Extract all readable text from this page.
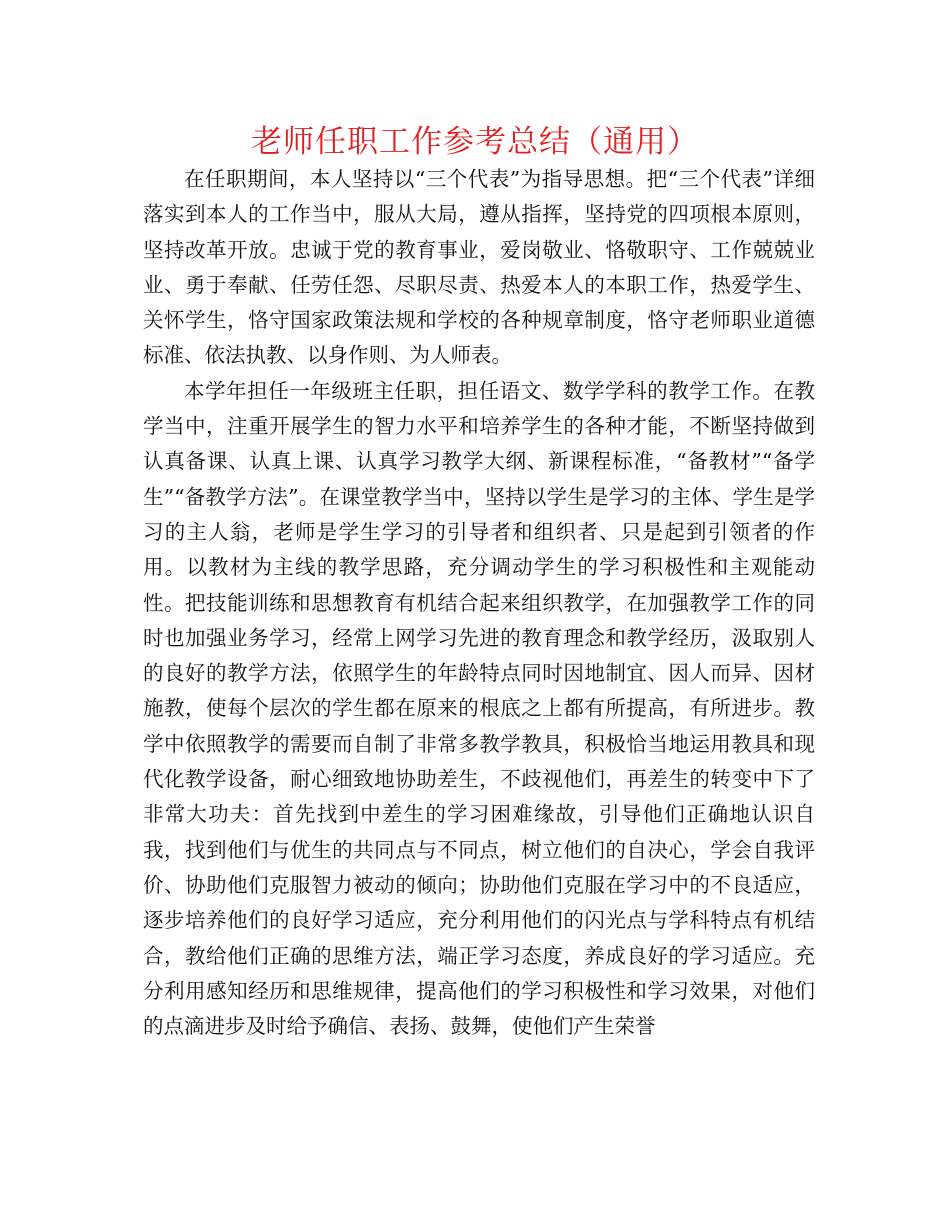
老师任职工作参考总结（通用）

在任职期间，本人坚持以“三个代表”为指导思想。把“三个代表”详细落实到本人的工作当中，服从大局，遵从指挥，坚持党的四项根本原则，坚持改革开放。忠诚于党的教育事业，爱岗敬业、恪敬职守、工作兢兢业业、勇于奉献、任劳任怨、尽职尽责、热爱本人的本职工作，热爱学生、关怀学生，恪守国家政策法规和学校的各种规章制度，恪守老师职业道德标准、依法执教、以身作则、为人师表。

本学年担任一年级班主任职，担任语文、数学学科的教学工作。在教学当中，注重开展学生的智力水平和培养学生的各种才能，不断坚持做到认真备课、认真上课、认真学习教学大纲、新课程标准，“备教材”“备学生”“备教学方法”。在课堂教学当中，坚持以学生是学习的主体、学生是学习的主人翁，老师是学生学习的引导者和组织者、只是起到引领者的作用。以教材为主线的教学思路，充分调动学生的学习积极性和主观能动性。把技能训练和思想教育有机结合起来组织教学，在加强教学工作的同时也加强业务学习，经常上网学习先进的教育理念和教学经历，汲取别人的良好的教学方法，依照学生的年龄特点同时因地制宜、因人而异、因材施教，使每个层次的学生都在原来的根底之上都有所提高，有所进步。教学中依照教学的需要而自制了非常多教学教具，积极恰当地运用教具和现代化教学设备，耐心细致地协助差生，不歧视他们，再差生的转变中下了非常大功夫：首先找到中差生的学习困难缘故，引导他们正确地认识自我，找到他们与优生的共同点与不同点，树立他们的自决心，学会自我评价、协助他们克服智力被动的倾向；协助他们克服在学习中的不良适应，逐步培养他们的良好学习适应，充分利用他们的闪光点与学科特点有机结合，教给他们正确的思维方法，端正学习态度，养成良好的学习适应。充分利用感知经历和思维规律，提高他们的学习积极性和学习效果，对他们的点滴进步及时给予确信、表扬、鼓舞，使他们产生荣誉
